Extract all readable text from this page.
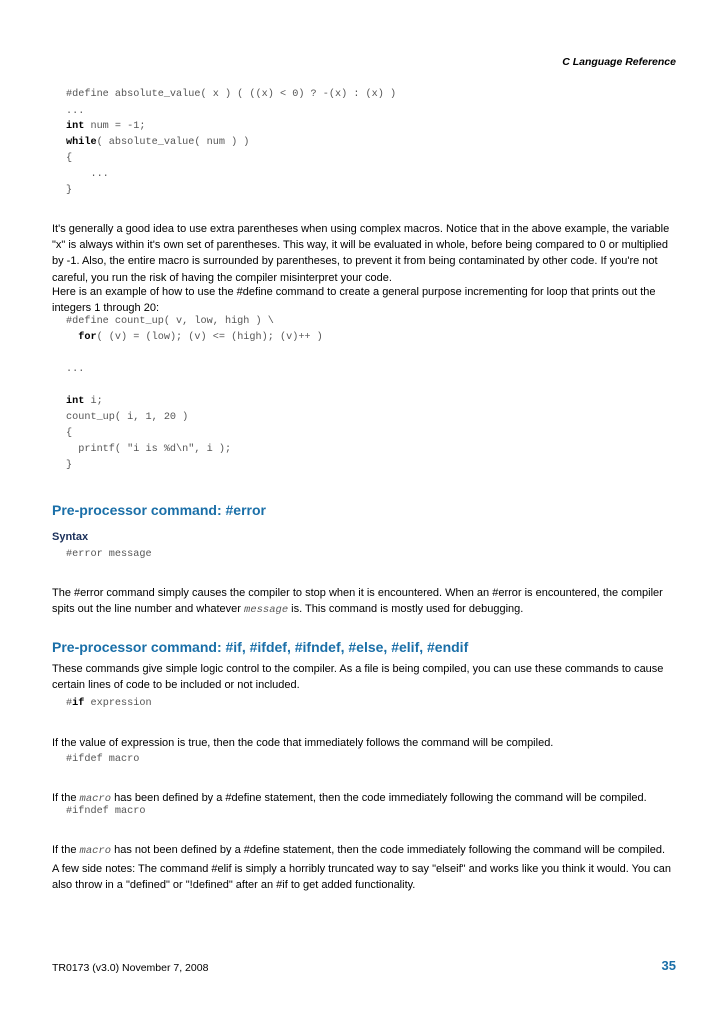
C Language Reference
#define absolute_value( x ) ( ((x) < 0) ? -(x) : (x) )
...
int num = -1;
while( absolute_value( num ) )
{
...
}

It's generally a good idea to use extra parentheses when using complex macros. Notice that in the above example, the variable "x" is always within it's own set of parentheses. This way, it will be evaluated in whole, before being compared to 0 or multiplied by -1. Also, the entire macro is surrounded by parentheses, to prevent it from being contaminated by other code. If you're not careful, you run the risk of having the compiler misinterpret your code.

Here is an example of how to use the #define command to create a general purpose incrementing for loop that prints out the integers 1 through 20:

#define count_up( v, low, high ) \
for( (v) = (low); (v) <= (high); (v)++ )
...
int i;
count_up( i, 1, 20 )
{
printf( "i is %d\n", i );
}
Pre-processor command: #error
Syntax
#error message

The #error command simply causes the compiler to stop when it is encountered. When an #error is encountered, the compiler spits out the line number and whatever message is. This command is mostly used for debugging.

Pre-processor command: #if, #ifdef, #ifndef, #else, #elif, #endif

These commands give simple logic control to the compiler. As a file is being compiled, you can use these commands to cause certain lines of code to be included or not included.

#if expression

If the value of expression is true, then the code that immediately follows the command will be compiled.

#ifdef macro

If the macro has been defined by a #define statement, then the code immediately following the command will be compiled.

#ifndef macro

If the macro has not been defined by a #define statement, then the code immediately following the command will be compiled.

A few side notes: The command #elif is simply a horribly truncated way to say "elseif" and works like you think it would. You can also throw in a "defined" or "!defined" after an #if to get added functionality.

TR0173 (v3.0) November 7, 2008	35
